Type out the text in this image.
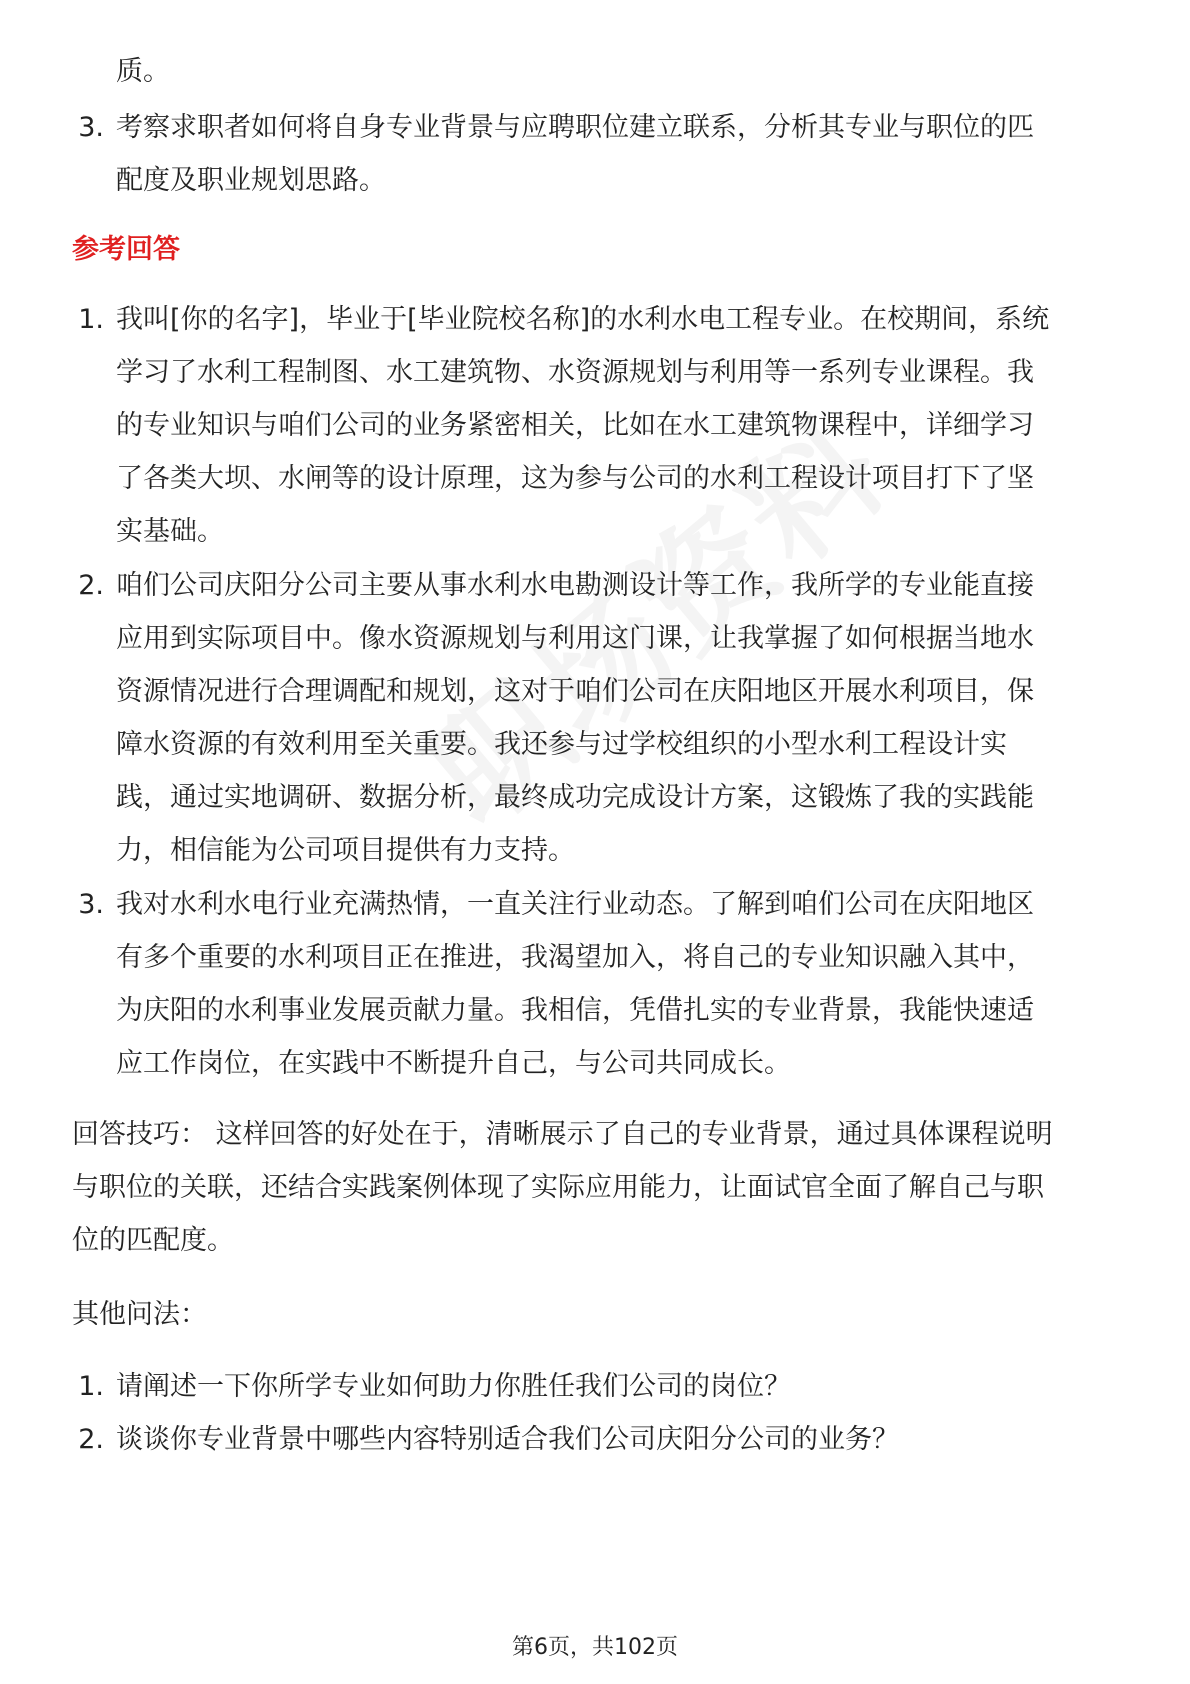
质。
3. 考察求职者如何将自身专业背景与应聘职位建立联系，分析其专业与职位的匹
配度及职业规划思路。
参考回答
1. 我叫[你的名字]，毕业于[毕业院校名称]的水利水电工程专业。在校期间，系统
学习了水利工程制图、水工建筑物、水资源规划与利用等一系列专业课程。我
的专业知识与咱们公司的业务紧密相关，比如在水工建筑物课程中，详细学习
了各类大坝、水闸等的设计原理，这为参与公司的水利工程设计项目打下了坚
实基础。
2. 咱们公司庆阳分公司主要从事水利水电勘测设计等工作，我所学的专业能直接
应用到实际项目中。像水资源规划与利用这门课，让我掌握了如何根据当地水
资源情况进行合理调配和规划，这对于咱们公司在庆阳地区开展水利项目，保
障水资源的有效利用至关重要。我还参与过学校组织的小型水利工程设计实
践，通过实地调研、数据分析，最终成功完成设计方案，这锻炼了我的实践能
力，相信能为公司项目提供有力支持。
3. 我对水利水电行业充满热情，一直关注行业动态。了解到咱们公司在庆阳地区
有多个重要的水利项目正在推进，我渴望加入，将自己的专业知识融入其中，
为庆阳的水利事业发展贡献力量。我相信，凭借扎实的专业背景，我能快速适
应工作岗位，在实践中不断提升自己，与公司共同成长。
回答技巧： 这样回答的好处在于，清晰展示了自己的专业背景，通过具体课程说明
与职位的关联，还结合实践案例体现了实际应用能力，让面试官全面了解自己与职
位的匹配度。
其他问法：
1. 请阐述一下你所学专业如何助力你胜任我们公司的岗位？
2. 谈谈你专业背景中哪些内容特别适合我们公司庆阳分公司的业务？
第6页，共102页
